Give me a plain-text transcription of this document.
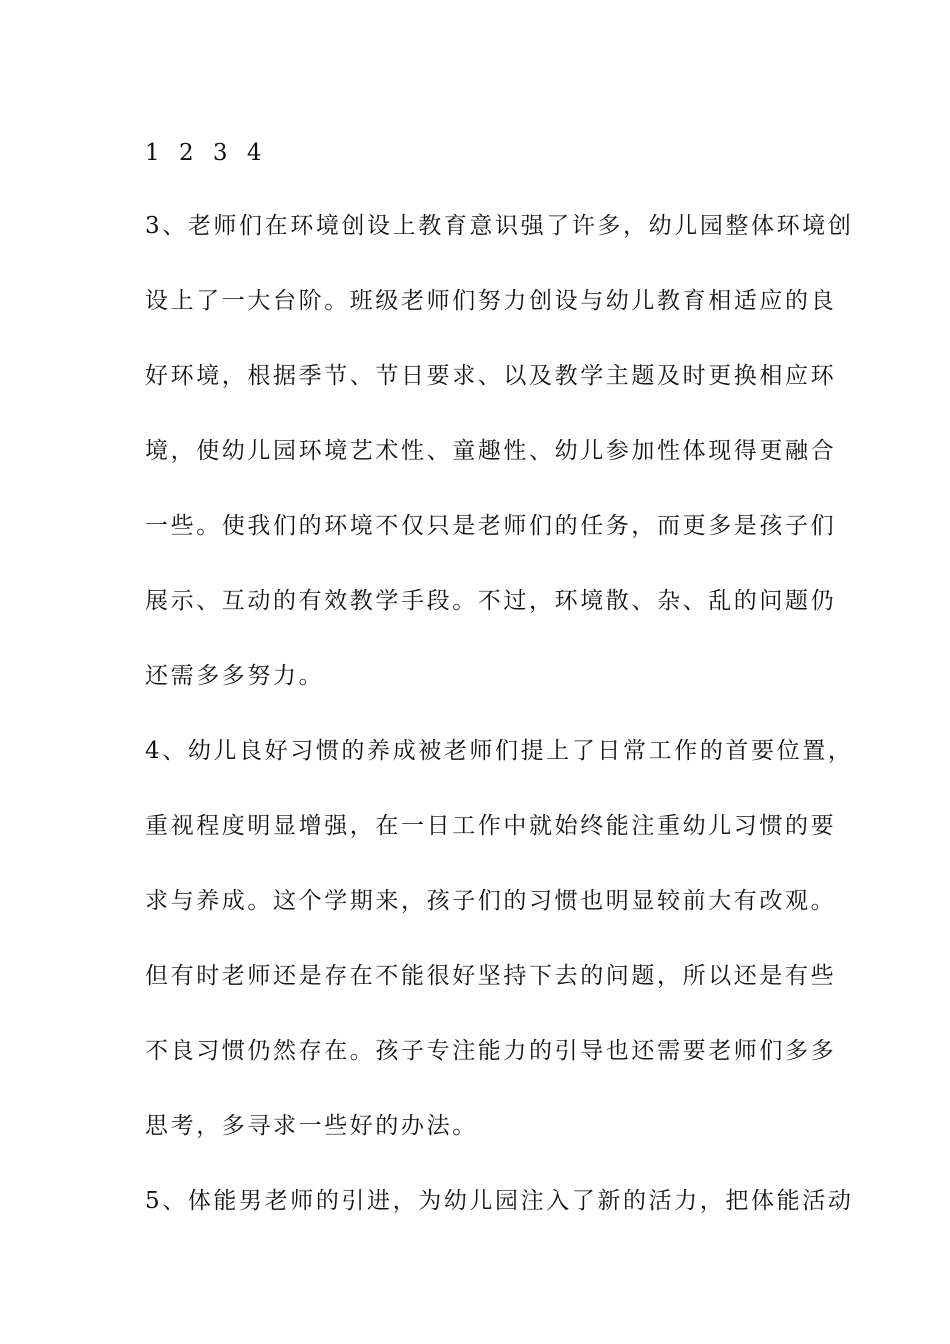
1 2 3 4
3、老师们在环境创设上教育意识强了许多，幼儿园整体环境创
设上了一大台阶。班级老师们努力创设与幼儿教育相适应的良
好环境，根据季节、节日要求、以及教学主题及时更换相应环
境，使幼儿园环境艺术性、童趣性、幼儿参加性体现得更融合
一些。使我们的环境不仅只是老师们的任务，而更多是孩子们
展示、互动的有效教学手段。不过，环境散、杂、乱的问题仍
还需多多努力。
4、幼儿良好习惯的养成被老师们提上了日常工作的首要位置，
重视程度明显增强，在一日工作中就始终能注重幼儿习惯的要
求与养成。这个学期来，孩子们的习惯也明显较前大有改观。
但有时老师还是存在不能很好坚持下去的问题，所以还是有些
不良习惯仍然存在。孩子专注能力的引导也还需要老师们多多
思考，多寻求一些好的办法。
5、体能男老师的引进，为幼儿园注入了新的活力，把体能活动
